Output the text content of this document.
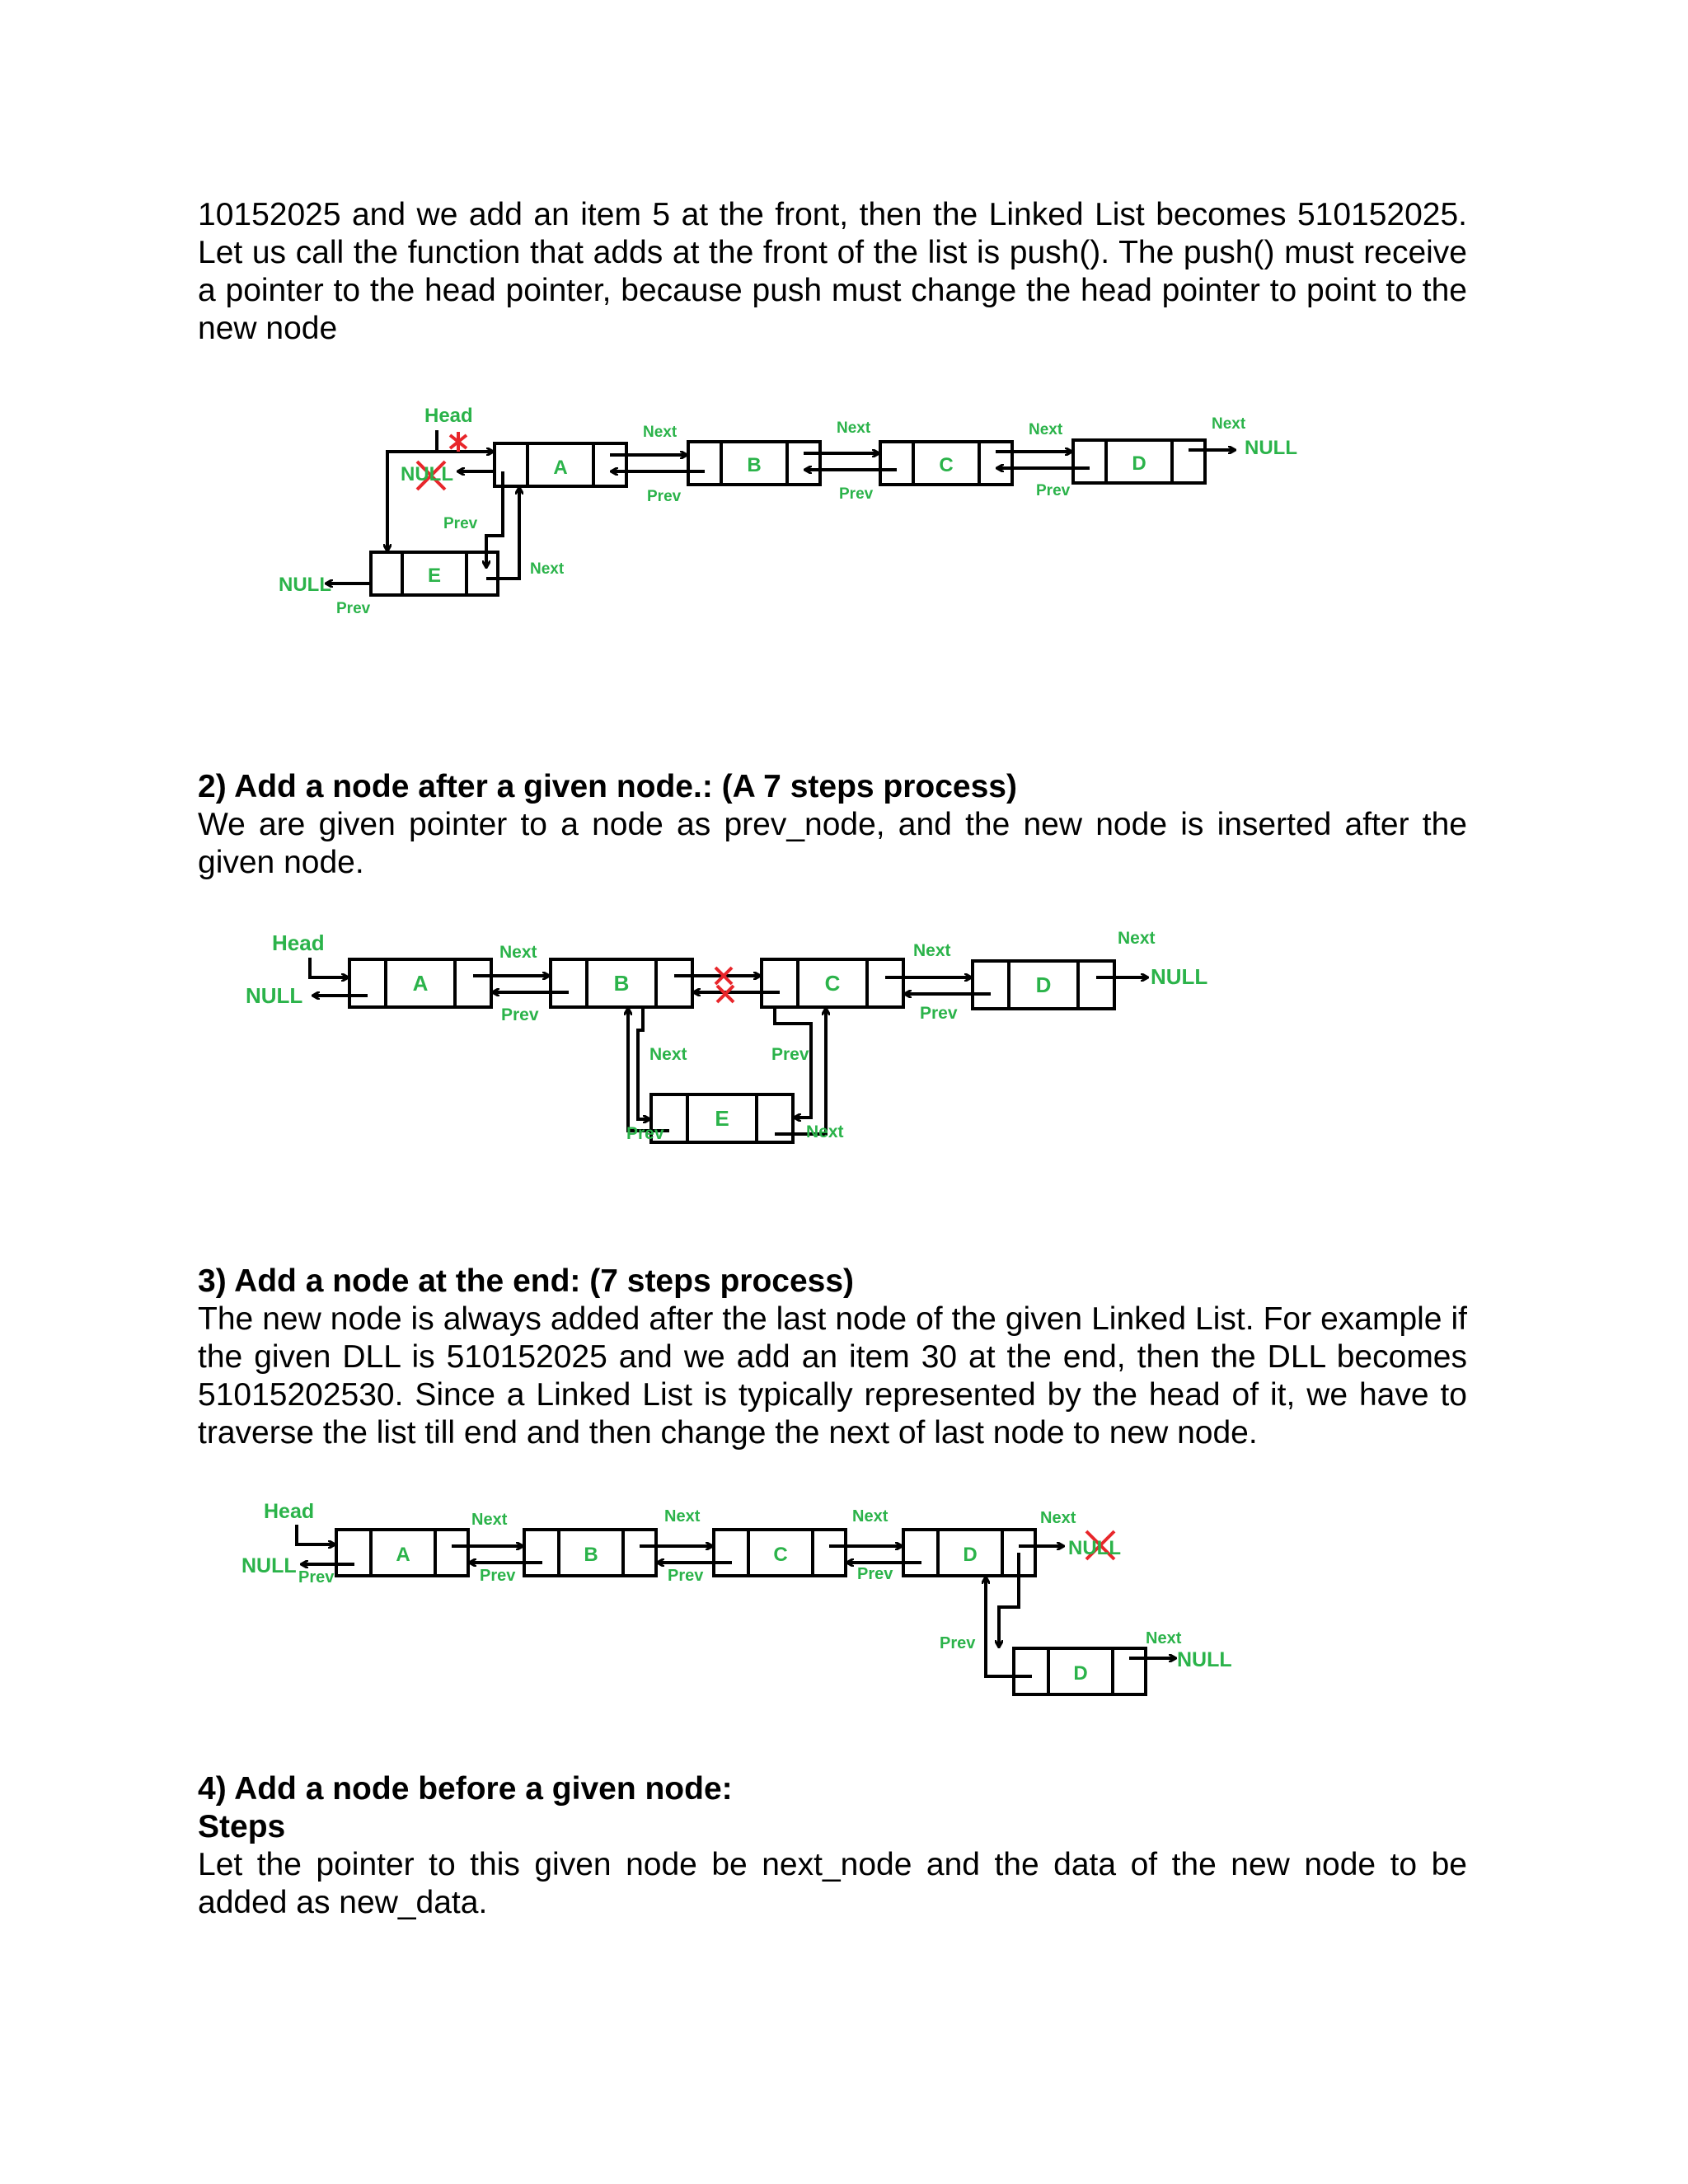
10152025 and we add an item 5 at the front, then the Linked List becomes 510152025. Let us call the function that adds at the front of the list is push(). The push() must receive a pointer to the head pointer, because push must change the head pointer to point to the new node
A	B	C	D
E
Head
NULL
NULL
NULL
Next	Next	Next	Next
Next
Prev	Prev	Prev
Prev
Prev
2) Add a node after a given node.: (A 7 steps process)
We are given pointer to a node as prev_node, and the new node is inserted after the given node.
A	B	C	D
E
Head
NULL
NULL
Next	Next
Next
Next
Next
Prev	Prev
Prev
Prev
3) Add a node at the end: (7 steps process)
The new node is always added after the last node of the given Linked List. For example if the given DLL is 510152025 and we add an item 30 at the end, then the DLL becomes 51015202530. Since a Linked List is typically represented by the head of it, we have to traverse the list till end and then change the next of last node to new node.
A	B	C	D
D
Head
NULL
NULL
NULL
Next	Next	Next	Next
Next
Prev	Prev	Prev	Prev
Prev
4) Add a node before a given node:
Steps
Let the pointer to this given node be next_node and the data of the new node to be added as new_data.
